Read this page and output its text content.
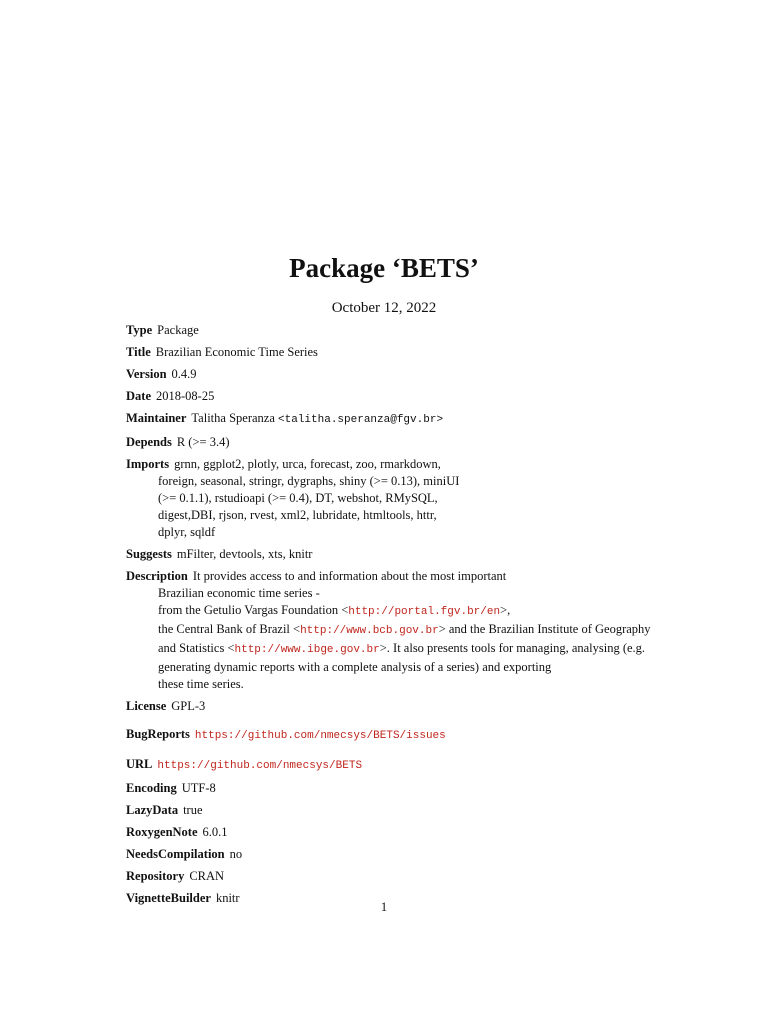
Package ‘BETS’
October 12, 2022
Type Package
Title Brazilian Economic Time Series
Version 0.4.9
Date 2018-08-25
Maintainer Talitha Speranza <talitha.speranza@fgv.br>
Depends R (>= 3.4)
Imports grnn, ggplot2, plotly, urca, forecast, zoo, rmarkdown,
foreign, seasonal, stringr, dygraphs, shiny (>= 0.13), miniUI
(>= 0.1.1), rstudioapi (>= 0.4), DT, webshot, RMySQL,
digest,DBI, rjson, rvest, xml2, lubridate, htmltools, httr,
dplyr, sqldf
Suggests mFilter, devtools, xts, knitr
Description It provides access to and information about the most important
Brazilian economic time series -
from the Getulio Vargas Foundation <http://portal.fgv.br/en>,
the Central Bank of Brazil <http://www.bcb.gov.br> and the Brazilian Institute of Geography
and Statistics <http://www.ibge.gov.br>. It also presents tools for managing, analysing (e.g.
generating dynamic reports with a complete analysis of a series) and exporting
these time series.
License GPL-3
BugReports https://github.com/nmecsys/BETS/issues
URL https://github.com/nmecsys/BETS
Encoding UTF-8
LazyData true
RoxygenNote 6.0.1
NeedsCompilation no
Repository CRAN
VignetteBuilder knitr
1
